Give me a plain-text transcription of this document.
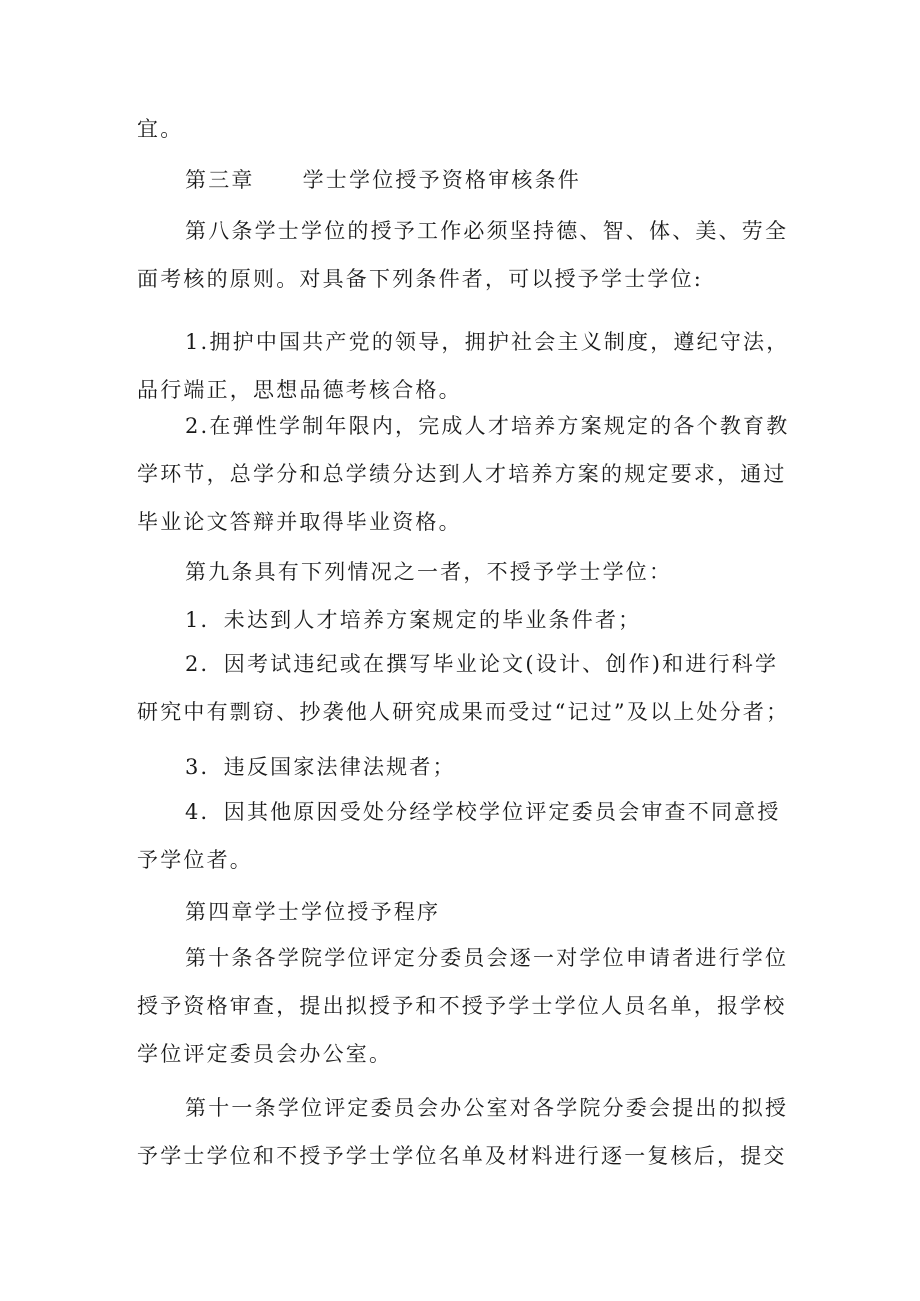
宜。

第三章 学士学位授予资格审核条件

第八条学士学位的授予工作必须坚持德、智、体、美、劳全面考核的原则。对具备下列条件者，可以授予学士学位:

1.拥护中国共产党的领导，拥护社会主义制度，遵纪守法，品行端正，思想品德考核合格。

2.在弹性学制年限内，完成人才培养方案规定的各个教育教学环节，总学分和总学绩分达到人才培养方案的规定要求，通过毕业论文答辩并取得毕业资格。

第九条具有下列情况之一者，不授予学士学位：

1．未达到人才培养方案规定的毕业条件者；

2．因考试违纪或在撰写毕业论文(设计、创作)和进行科学研究中有剽窃、抄袭他人研究成果而受过“记过”及以上处分者；

3．违反国家法律法规者；

4．因其他原因受处分经学校学位评定委员会审查不同意授予学位者。

第四章学士学位授予程序

第十条各学院学位评定分委员会逐一对学位申请者进行学位授予资格审查，提出拟授予和不授予学士学位人员名单，报学校学位评定委员会办公室。

第十一条学位评定委员会办公室对各学院分委会提出的拟授予学士学位和不授予学士学位名单及材料进行逐一复核后，提交
